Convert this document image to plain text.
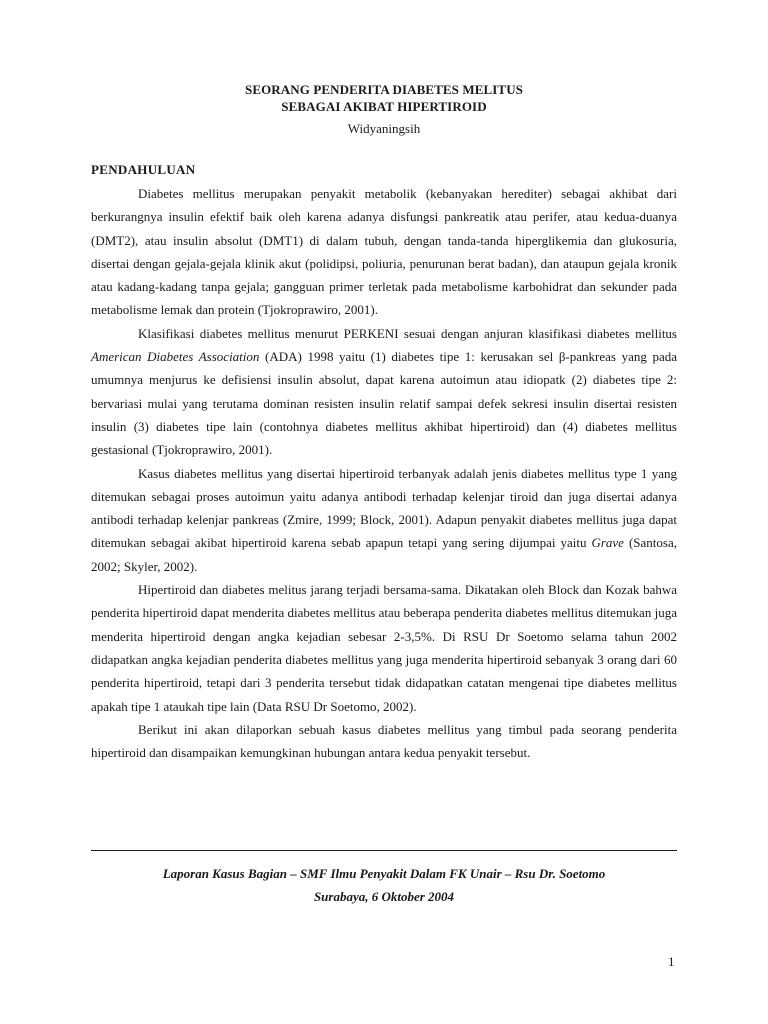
SEORANG PENDERITA DIABETES MELITUS
SEBAGAI AKIBAT HIPERTIROID
Widyaningsih
PENDAHULUAN

Diabetes mellitus merupakan penyakit metabolik (kebanyakan herediter) sebagai akhibat dari berkurangnya insulin efektif baik oleh karena adanya disfungsi pankreatik atau perifer, atau kedua-duanya (DMT2), atau insulin absolut (DMT1) di dalam tubuh, dengan tanda-tanda hiperglikemia dan glukosuria, disertai dengan gejala-gejala klinik akut (polidipsi, poliuria, penurunan berat badan), dan ataupun gejala kronik atau kadang-kadang tanpa gejala; gangguan primer terletak pada metabolisme karbohidrat dan sekunder pada metabolisme lemak dan protein (Tjokroprawiro, 2001).

Klasifikasi diabetes mellitus menurut PERKENI sesuai dengan anjuran klasifikasi diabetes mellitus American Diabetes Association (ADA) 1998 yaitu (1) diabetes tipe 1: kerusakan sel β-pankreas yang pada umumnya menjurus ke defisiensi insulin absolut, dapat karena autoimun atau idiopatk (2) diabetes tipe 2: bervariasi mulai yang terutama dominan resisten insulin relatif sampai defek sekresi insulin disertai resisten insulin (3) diabetes tipe lain (contohnya diabetes mellitus akhibat hipertiroid) dan (4) diabetes mellitus gestasional (Tjokroprawiro, 2001).

Kasus diabetes mellitus yang disertai hipertiroid terbanyak adalah jenis diabetes mellitus type 1 yang ditemukan sebagai proses autoimun yaitu adanya antibodi terhadap kelenjar tiroid dan juga disertai adanya antibodi terhadap kelenjar pankreas (Zmire, 1999; Block, 2001). Adapun penyakit diabetes mellitus juga dapat ditemukan sebagai akibat hipertiroid karena sebab apapun tetapi yang sering dijumpai yaitu Grave (Santosa, 2002; Skyler, 2002).

Hipertiroid dan diabetes melitus jarang terjadi bersama-sama. Dikatakan oleh Block dan Kozak bahwa penderita hipertiroid dapat menderita diabetes mellitus atau beberapa penderita diabetes mellitus ditemukan juga menderita hipertiroid dengan angka kejadian sebesar 2-3,5%. Di RSU Dr Soetomo selama tahun 2002 didapatkan angka kejadian penderita diabetes mellitus yang juga menderita hipertiroid sebanyak 3 orang dari 60 penderita hipertiroid, tetapi dari 3 penderita tersebut tidak didapatkan catatan mengenai tipe diabetes mellitus apakah tipe 1 ataukah tipe lain (Data RSU Dr Soetomo, 2002).

Berikut ini akan dilaporkan sebuah kasus diabetes mellitus yang timbul pada seorang penderita hipertiroid dan disampaikan kemungkinan hubungan antara kedua penyakit tersebut.

Laporan Kasus Bagian – SMF Ilmu Penyakit Dalam FK Unair – Rsu Dr. Soetomo
Surabaya, 6 Oktober 2004
1
